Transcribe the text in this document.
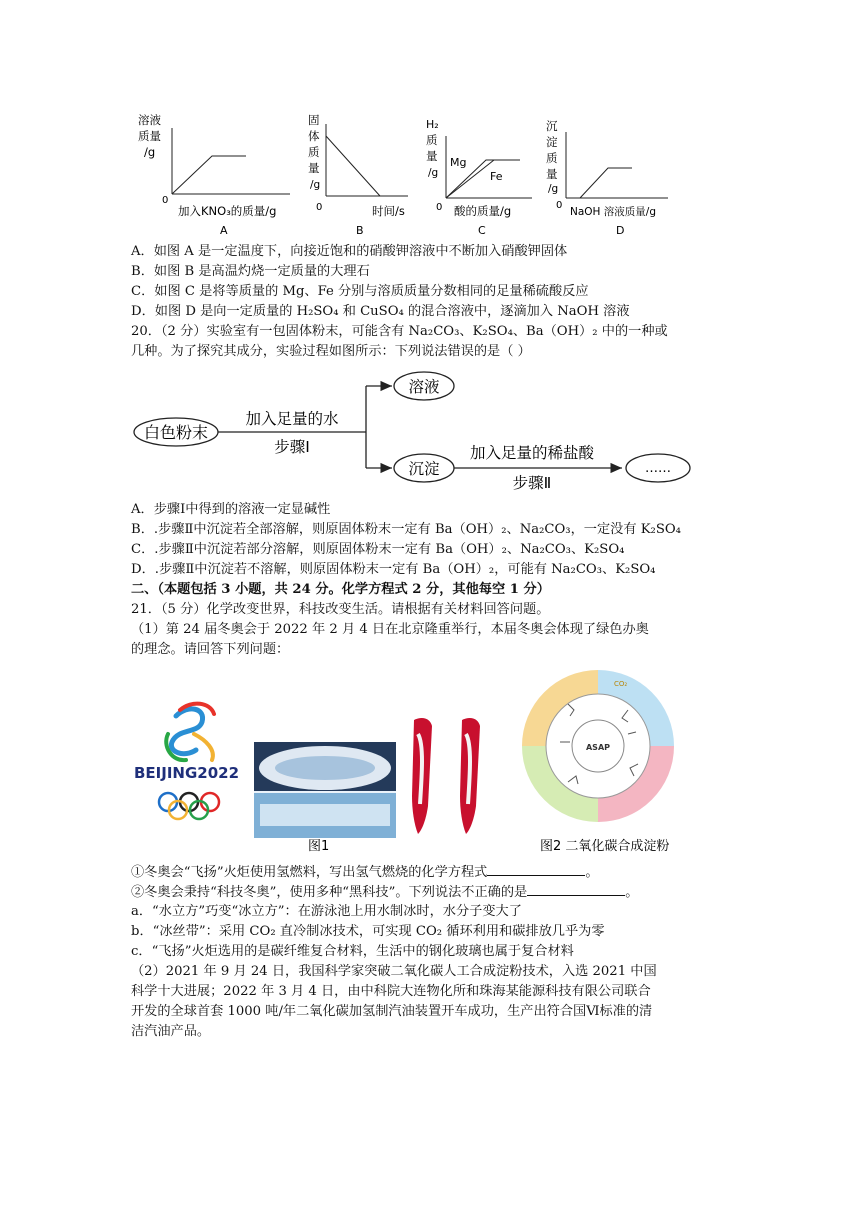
溶液
质量
/g
0
加入KNO₃的质量/g
A
固
体
质
量
/g
0	时间/s
B
H₂
质
量
/g
0
Mg
Fe
酸的质量/g
C
沉
淀
质
量
/g
0
NaOH 溶液质量/g
D
A．如图 A 是一定温度下，向接近饱和的硝酸钾溶液中不断加入硝酸钾固体
B．如图 B 是高温灼烧一定质量的大理石
C．如图 C 是将等质量的 Mg、Fe 分别与溶质质量分数相同的足量稀硫酸反应
D．如图 D 是向一定质量的 H₂SO₄ 和 CuSO₄ 的混合溶液中，逐滴加入 NaOH 溶液
20．（2 分）实验室有一包固体粉末，可能含有 Na₂CO₃、K₂SO₄、Ba（OH）₂ 中的一种或
几种。为了探究其成分，实验过程如图所示：下列说法错误的是（ ）
白色粉末
加入足量的水
步骤Ⅰ
溶液
沉淀
加入足量的稀盐酸
步骤Ⅱ
……
A．步骤Ⅰ中得到的溶液一定显碱性
B．.步骤Ⅱ中沉淀若全部溶解，则原固体粉末一定有 Ba（OH）₂、Na₂CO₃，一定没有 K₂SO₄
C．.步骤Ⅱ中沉淀若部分溶解，则原固体粉末一定有 Ba（OH）₂、Na₂CO₃、K₂SO₄
D．.步骤Ⅱ中沉淀若不溶解，则原固体粉末一定有 Ba（OH）₂，可能有 Na₂CO₃、K₂SO₄
二、（本题包括 3 小题，共 24 分。化学方程式 2 分，其他每空 1 分）
21．（5 分）化学改变世界，科技改变生活。请根据有关材料回答问题。
（1）第 24 届冬奥会于 2022 年 2 月 4 日在北京隆重举行，本届冬奥会体现了绿色办奥
的理念。请回答下列问题：
BEIJING2022
ASAP
CO₂
图1	图2 二氧化碳合成淀粉
①冬奥会“飞扬”火炬使用氢燃料，写出氢气燃烧的化学方程式	。
②冬奥会秉持“科技冬奥”，使用多种“黑科技”。下列说法不正确的是	。
a．“水立方”巧变“冰立方”：在游泳池上用水制冰时，水分子变大了
b．“冰丝带”：采用 CO₂ 直冷制冰技术，可实现 CO₂ 循环利用和碳排放几乎为零
c．“飞扬”火炬选用的是碳纤维复合材料，生活中的钢化玻璃也属于复合材料
（2）2021 年 9 月 24 日，我国科学家突破二氧化碳人工合成淀粉技术，入选 2021 中国
科学十大进展；2022 年 3 月 4 日，由中科院大连物化所和珠海某能源科技有限公司联合
开发的全球首套 1000 吨/年二氧化碳加氢制汽油装置开车成功，生产出符合国Ⅵ标准的清
洁汽油产品。
